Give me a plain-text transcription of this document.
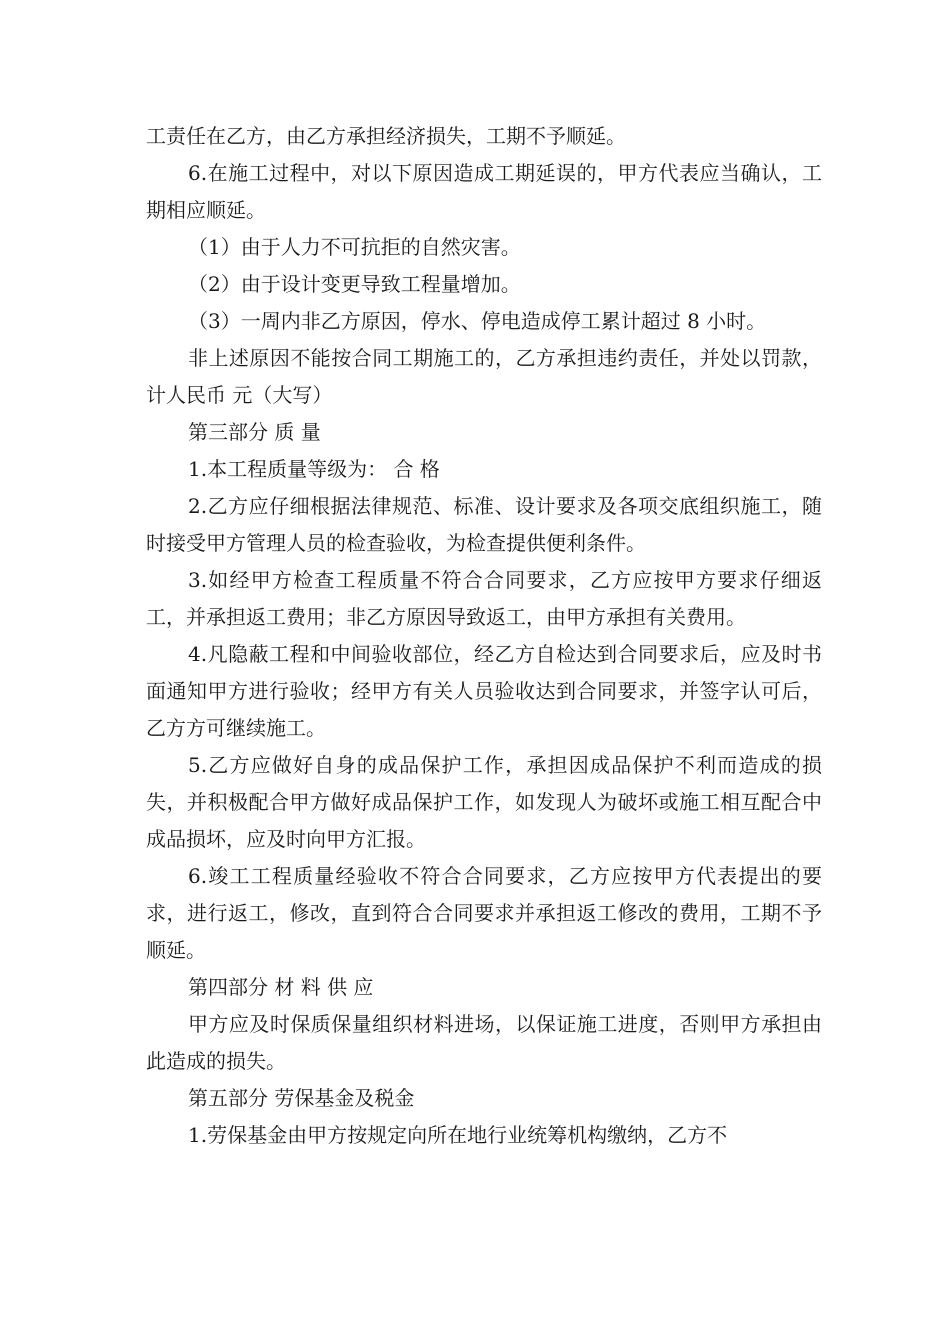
工责任在乙方，由乙方承担经济损失，工期不予顺延。

6.在施工过程中，对以下原因造成工期延误的，甲方代表应当确认，工期相应顺延。

（1）由于人力不可抗拒的自然灾害。

（2）由于设计变更导致工程量增加。

（3）一周内非乙方原因，停水、停电造成停工累计超过 8 小时。

非上述原因不能按合同工期施工的，乙方承担违约责任，并处以罚款，计人民币 元（大写）

第三部分 质 量

1.本工程质量等级为： 合 格

2.乙方应仔细根据法律规范、标准、设计要求及各项交底组织施工，随时接受甲方管理人员的检查验收，为检查提供便利条件。

3.如经甲方检查工程质量不符合合同要求，乙方应按甲方要求仔细返工，并承担返工费用；非乙方原因导致返工，由甲方承担有关费用。

4.凡隐蔽工程和中间验收部位，经乙方自检达到合同要求后，应及时书面通知甲方进行验收；经甲方有关人员验收达到合同要求，并签字认可后，乙方方可继续施工。

5.乙方应做好自身的成品保护工作，承担因成品保护不利而造成的损失，并积极配合甲方做好成品保护工作，如发现人为破坏或施工相互配合中成品损坏，应及时向甲方汇报。

6.竣工工程质量经验收不符合合同要求，乙方应按甲方代表提出的要求，进行返工，修改，直到符合合同要求并承担返工修改的费用，工期不予顺延。

第四部分 材 料 供 应

甲方应及时保质保量组织材料进场，以保证施工进度，否则甲方承担由此造成的损失。

第五部分 劳保基金及税金

1.劳保基金由甲方按规定向所在地行业统筹机构缴纳，乙方不
